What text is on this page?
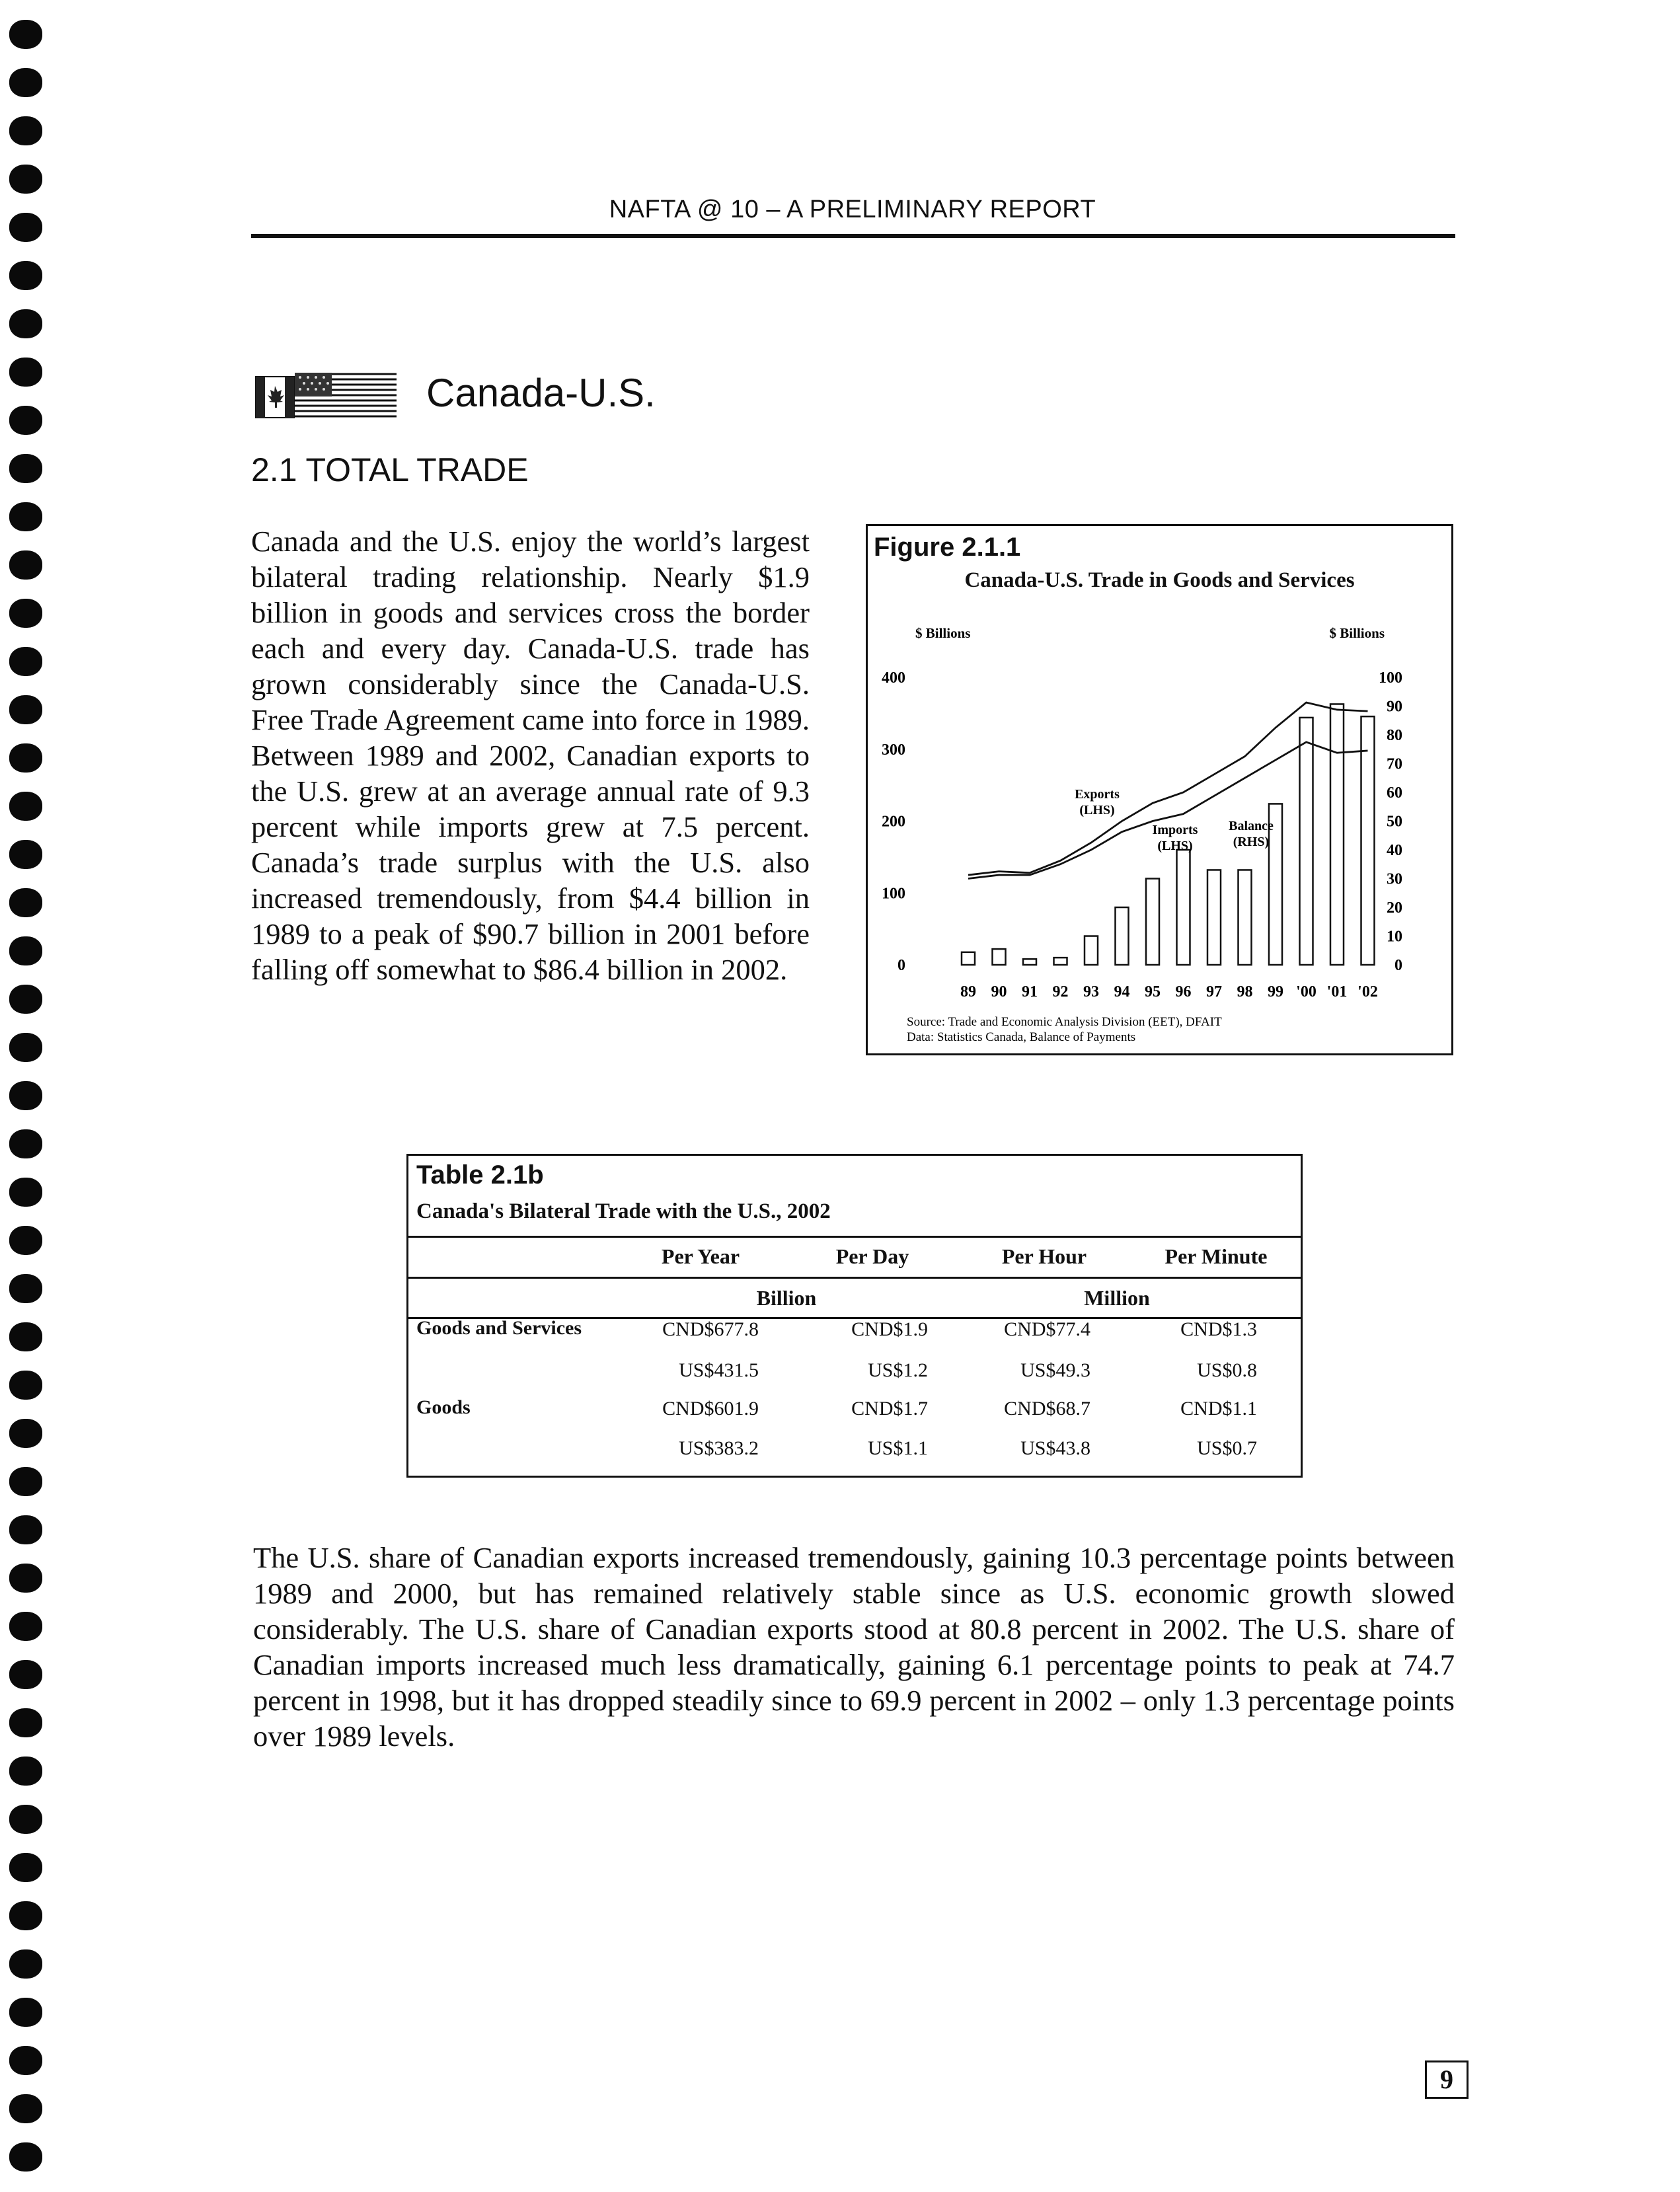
NAFTA @ 10 – A PRELIMINARY REPORT
Canada-U.S.
2.1 TOTAL TRADE
Canada and the U.S. enjoy the world’s largest bilateral trading relationship. Nearly $1.9 billion in goods and services cross the border each and every day. Canada-U.S. trade has grown considerably since the Canada-U.S. Free Trade Agreement came into force in 1989. Between 1989 and 2002, Canadian exports to the U.S. grew at an average annual rate of 9.3 percent while imports grew at 7.5 percent. Canada’s trade surplus with the U.S. also increased tremendously, from $4.4 billion in 1989 to a peak of $90.7 billion in 2001 before falling off somewhat to $86.4 billion in 2002.
Figure 2.1.1
Canada-U.S. Trade in Goods and Services
$ Billions	$ Billions
400
300
200
100
0
100
90
80
70
60
50
40
30
20
10
0
89 90 91 92 93 94 95 96 97 98 99 '00 '01 '02
Exports
(LHS)
Imports
(LHS)
Balance
(RHS)
Source: Trade and Economic Analysis Division (EET), DFAIT
Data: Statistics Canada, Balance of Payments
Table 2.1b
Canada's Bilateral Trade with the U.S., 2002
Per Year	Per Day	Per Hour	Per Minute
Billion	Million
Goods and Services	CND$677.8	CND$1.9	CND$77.4	CND$1.3
US$431.5	US$1.2	US$49.3	US$0.8
Goods	CND$601.9	CND$1.7	CND$68.7	CND$1.1
US$383.2	US$1.1	US$43.8	US$0.7
The U.S. share of Canadian exports increased tremendously, gaining 10.3 percentage points between 1989 and 2000, but has remained relatively stable since as U.S. economic growth slowed considerably. The U.S. share of Canadian exports stood at 80.8 percent in 2002. The U.S. share of Canadian imports increased much less dramatically, gaining 6.1 percentage points to peak at 74.7 percent in 1998, but it has dropped steadily since to 69.9 percent in 2002 – only 1.3 percentage points over 1989 levels.
9
